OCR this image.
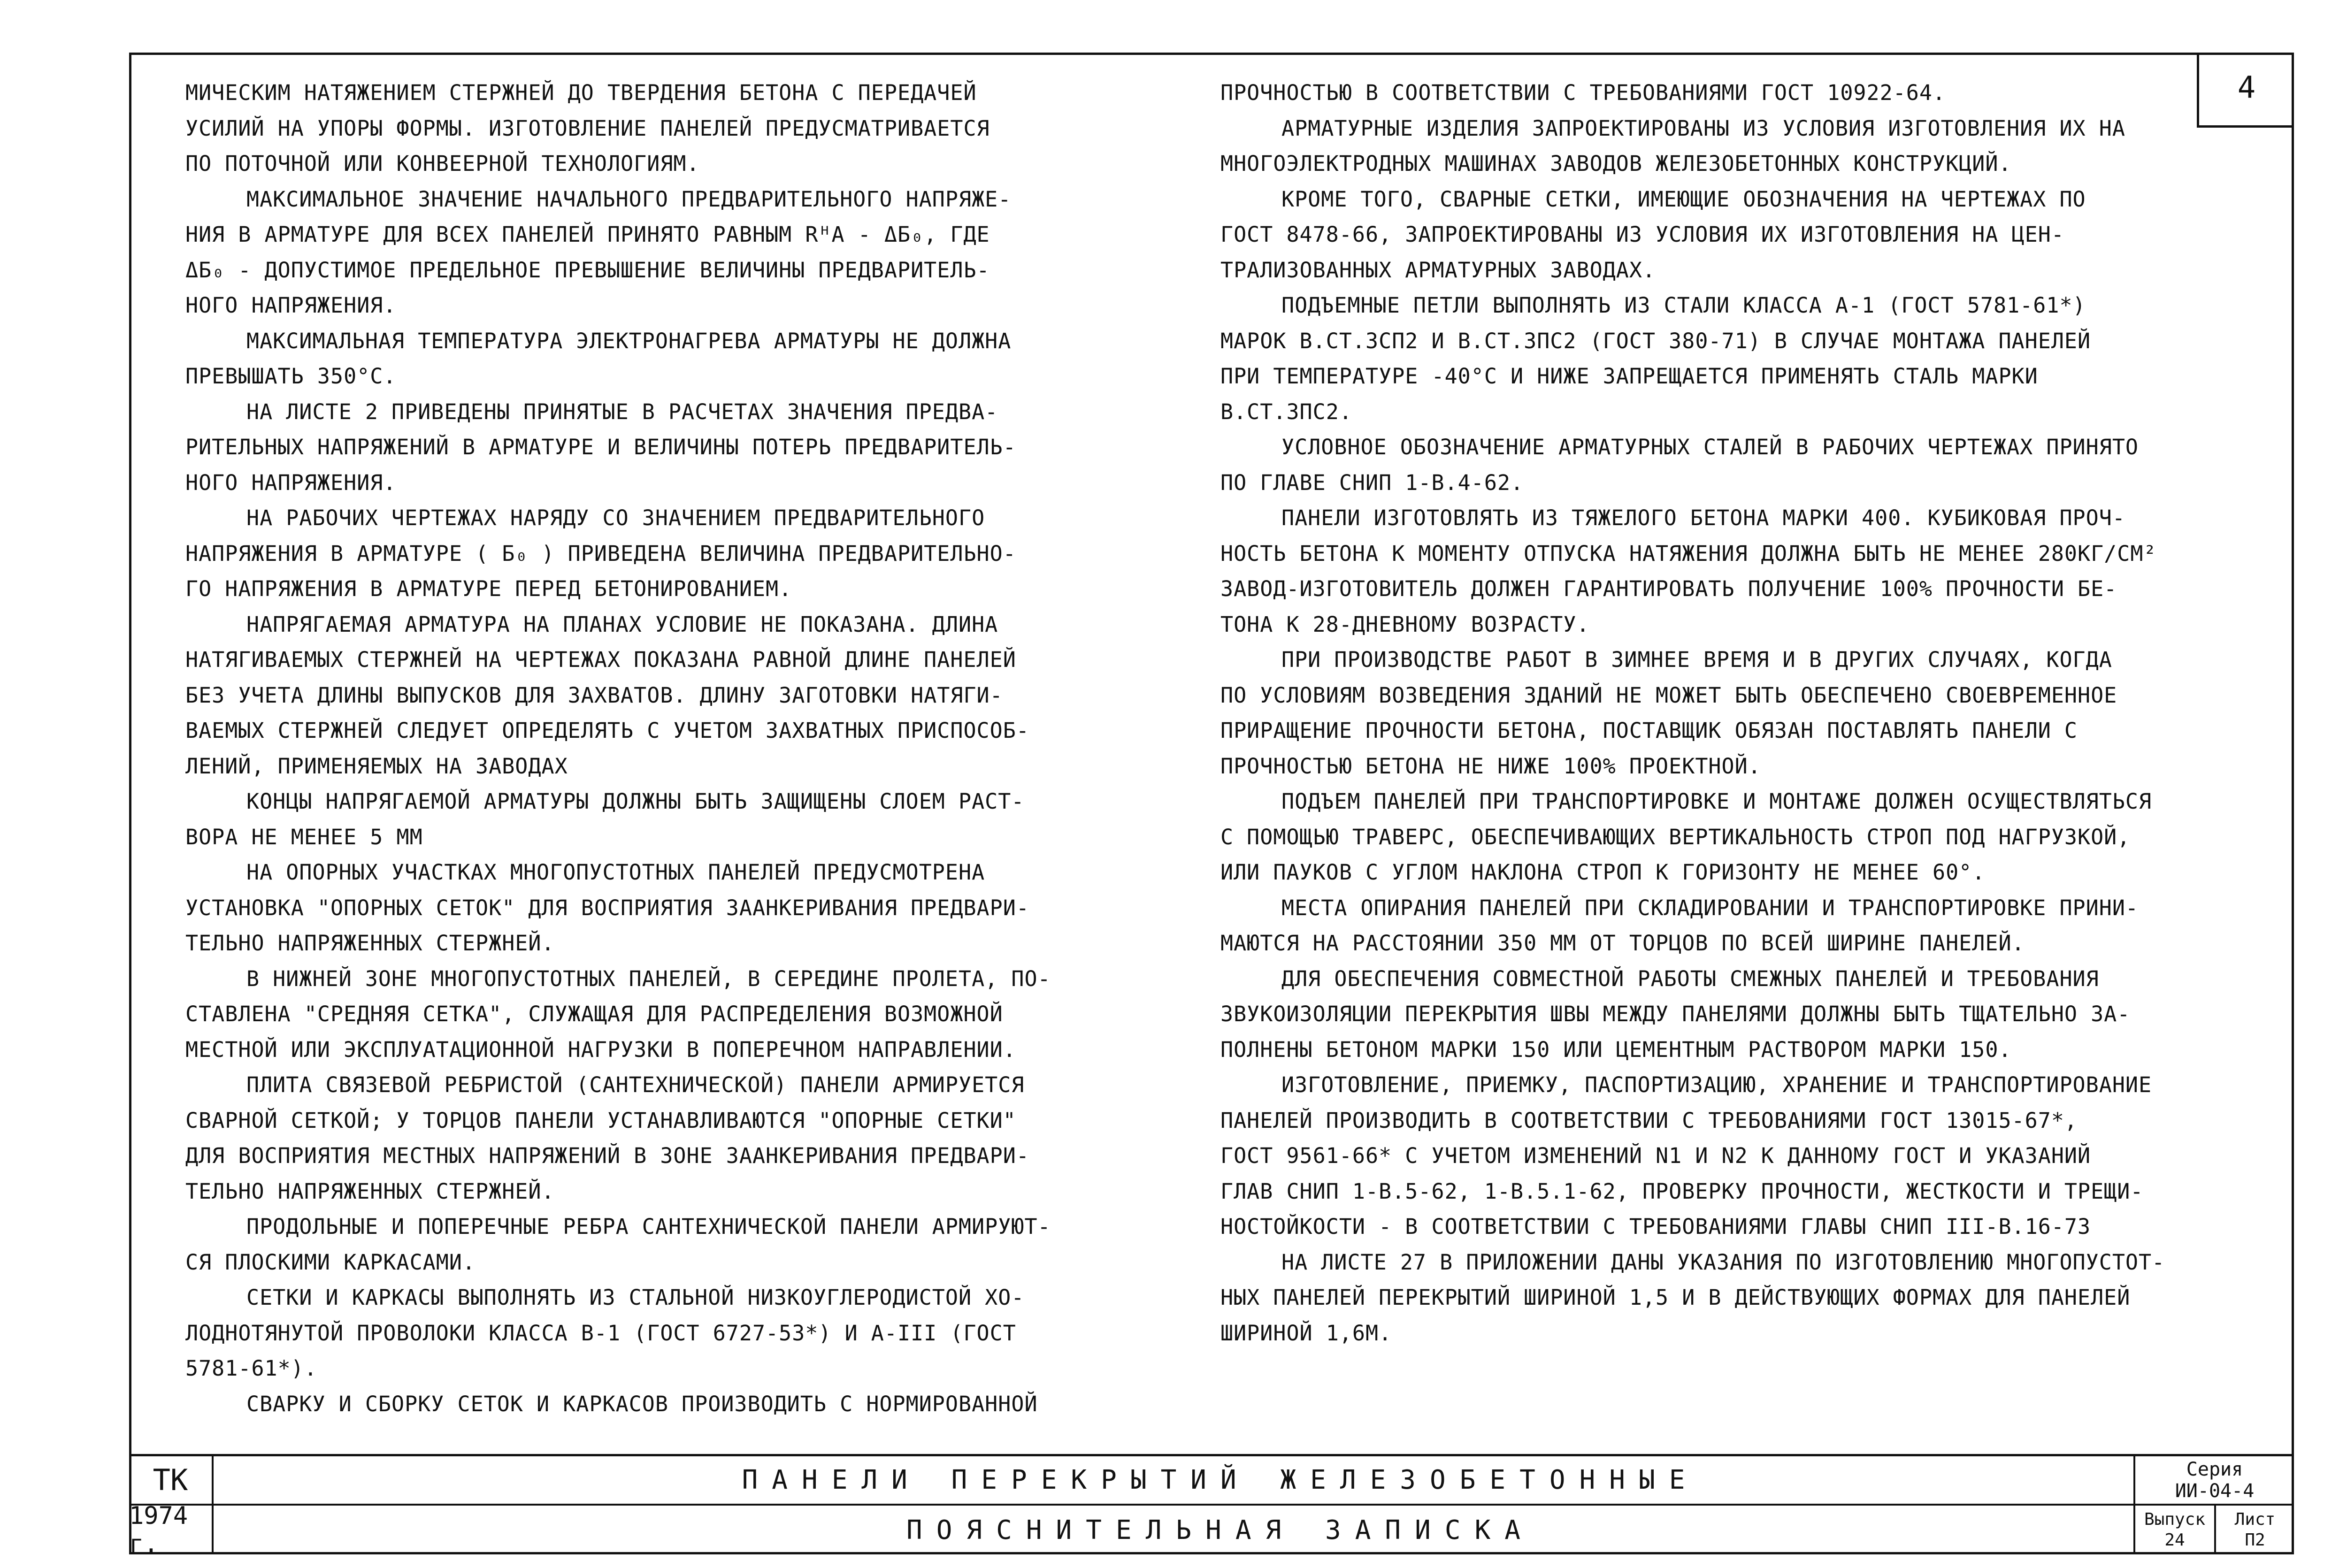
4

МИЧЕСКИМ НАТЯЖЕНИЕМ СТЕРЖНЕЙ ДО ТВЕРДЕНИЯ БЕТОНА С ПЕРЕДАЧЕЙ

УСИЛИЙ НА УПОРЫ ФОРМЫ. ИЗГОТОВЛЕНИЕ ПАНЕЛЕЙ ПРЕДУСМАТРИВАЕТСЯ

ПО ПОТОЧНОЙ ИЛИ КОНВЕЕРНОЙ ТЕХНОЛОГИЯМ.

МАКСИМАЛЬНОЕ ЗНАЧЕНИЕ НАЧАЛЬНОГО ПРЕДВАРИТЕЛЬНОГО НАПРЯЖЕ-

НИЯ В АРМАТУРЕ ДЛЯ ВСЕХ ПАНЕЛЕЙ ПРИНЯТО РАВНЫМ RᴴA - ΔБ₀, ГДЕ

ΔБ₀ - ДОПУСТИМОЕ ПРЕДЕЛЬНОЕ ПРЕВЫШЕНИЕ ВЕЛИЧИНЫ ПРЕДВАРИТЕЛЬ-

НОГО НАПРЯЖЕНИЯ.

МАКСИМАЛЬНАЯ ТЕМПЕРАТУРА ЭЛЕКТРОНАГРЕВА АРМАТУРЫ НЕ ДОЛЖНА

ПРЕВЫШАТЬ 350°С.

НА ЛИСТЕ 2 ПРИВЕДЕНЫ ПРИНЯТЫЕ В РАСЧЕТАХ ЗНАЧЕНИЯ ПРЕДВА-

РИТЕЛЬНЫХ НАПРЯЖЕНИЙ В АРМАТУРЕ И ВЕЛИЧИНЫ ПОТЕРЬ ПРЕДВАРИТЕЛЬ-

НОГО НАПРЯЖЕНИЯ.

НА РАБОЧИХ ЧЕРТЕЖАХ НАРЯДУ СО ЗНАЧЕНИЕМ ПРЕДВАРИТЕЛЬНОГО

НАПРЯЖЕНИЯ В АРМАТУРЕ ( Б₀ ) ПРИВЕДЕНА ВЕЛИЧИНА ПРЕДВАРИТЕЛЬНО-

ГО НАПРЯЖЕНИЯ В АРМАТУРЕ ПЕРЕД БЕТОНИРОВАНИЕМ.

НАПРЯГАЕМАЯ АРМАТУРА НА ПЛАНАХ УСЛОВИЕ НЕ ПОКАЗАНА. ДЛИНА

НАТЯГИВАЕМЫХ СТЕРЖНЕЙ НА ЧЕРТЕЖАХ ПОКАЗАНА РАВНОЙ ДЛИНЕ ПАНЕЛЕЙ

БЕЗ УЧЕТА ДЛИНЫ ВЫПУСКОВ ДЛЯ ЗАХВАТОВ. ДЛИНУ ЗАГОТОВКИ НАТЯГИ-

ВАЕМЫХ СТЕРЖНЕЙ СЛЕДУЕТ ОПРЕДЕЛЯТЬ С УЧЕТОМ ЗАХВАТНЫХ ПРИСПОСОБ-

ЛЕНИЙ, ПРИМЕНЯЕМЫХ НА ЗАВОДАХ

КОНЦЫ НАПРЯГАЕМОЙ АРМАТУРЫ ДОЛЖНЫ БЫТЬ ЗАЩИЩЕНЫ СЛОЕМ РАСТ-

ВОРА НЕ МЕНЕЕ 5 ММ

НА ОПОРНЫХ УЧАСТКАХ МНОГОПУСТОТНЫХ ПАНЕЛЕЙ ПРЕДУСМОТРЕНА

УСТАНОВКА "ОПОРНЫХ СЕТОК" ДЛЯ ВОСПРИЯТИЯ ЗААНКЕРИВАНИЯ ПРЕДВАРИ-

ТЕЛЬНО НАПРЯЖЕННЫХ СТЕРЖНЕЙ.

В НИЖНЕЙ ЗОНЕ МНОГОПУСТОТНЫХ ПАНЕЛЕЙ, В СЕРЕДИНЕ ПРОЛЕТА, ПО-

СТАВЛЕНА "СРЕДНЯЯ СЕТКА", СЛУЖАЩАЯ ДЛЯ РАСПРЕДЕЛЕНИЯ ВОЗМОЖНОЙ

МЕСТНОЙ ИЛИ ЭКСПЛУАТАЦИОННОЙ НАГРУЗКИ В ПОПЕРЕЧНОМ НАПРАВЛЕНИИ.

ПЛИТА СВЯЗЕВОЙ РЕБРИСТОЙ (САНТЕХНИЧЕСКОЙ) ПАНЕЛИ АРМИРУЕТСЯ

СВАРНОЙ СЕТКОЙ; У ТОРЦОВ ПАНЕЛИ УСТАНАВЛИВАЮТСЯ "ОПОРНЫЕ СЕТКИ"

ДЛЯ ВОСПРИЯТИЯ МЕСТНЫХ НАПРЯЖЕНИЙ В ЗОНЕ ЗААНКЕРИВАНИЯ ПРЕДВАРИ-

ТЕЛЬНО НАПРЯЖЕННЫХ СТЕРЖНЕЙ.

ПРОДОЛЬНЫЕ И ПОПЕРЕЧНЫЕ РЕБРА САНТЕХНИЧЕСКОЙ ПАНЕЛИ АРМИРУЮТ-

СЯ ПЛОСКИМИ КАРКАСАМИ.

СЕТКИ И КАРКАСЫ ВЫПОЛНЯТЬ ИЗ СТАЛЬНОЙ НИЗКОУГЛЕРОДИСТОЙ ХО-

ЛОДНОТЯНУТОЙ ПРОВОЛОКИ КЛАССА В-1 (ГОСТ 6727-53*) И А-III (ГОСТ

5781-61*).

СВАРКУ И СБОРКУ СЕТОК И КАРКАСОВ ПРОИЗВОДИТЬ С НОРМИРОВАННОЙ

ПРОЧНОСТЬЮ В СООТВЕТСТВИИ С ТРЕБОВАНИЯМИ ГОСТ 10922-64.

АРМАТУРНЫЕ ИЗДЕЛИЯ ЗАПРОЕКТИРОВАНЫ ИЗ УСЛОВИЯ ИЗГОТОВЛЕНИЯ ИХ НА

МНОГОЭЛЕКТРОДНЫХ МАШИНАХ ЗАВОДОВ ЖЕЛЕЗОБЕТОННЫХ КОНСТРУКЦИЙ.

КРОМЕ ТОГО, СВАРНЫЕ СЕТКИ, ИМЕЮЩИЕ ОБОЗНАЧЕНИЯ НА ЧЕРТЕЖАХ ПО

ГОСТ 8478-66, ЗАПРОЕКТИРОВАНЫ ИЗ УСЛОВИЯ ИХ ИЗГОТОВЛЕНИЯ НА ЦЕН-

ТРАЛИЗОВАННЫХ АРМАТУРНЫХ ЗАВОДАХ.

ПОДЪЕМНЫЕ ПЕТЛИ ВЫПОЛНЯТЬ ИЗ СТАЛИ КЛАССА А-1 (ГОСТ 5781-61*)

МАРОК В.СТ.3СП2 И В.СТ.3ПС2 (ГОСТ 380-71) В СЛУЧАЕ МОНТАЖА ПАНЕЛЕЙ

ПРИ ТЕМПЕРАТУРЕ -40°С И НИЖЕ ЗАПРЕЩАЕТСЯ ПРИМЕНЯТЬ СТАЛЬ МАРКИ

В.СТ.3ПС2.

УСЛОВНОЕ ОБОЗНАЧЕНИЕ АРМАТУРНЫХ СТАЛЕЙ В РАБОЧИХ ЧЕРТЕЖАХ ПРИНЯТО

ПО ГЛАВЕ СНИП 1-В.4-62.

ПАНЕЛИ ИЗГОТОВЛЯТЬ ИЗ ТЯЖЕЛОГО БЕТОНА МАРКИ 400. КУБИКОВАЯ ПРОЧ-

НОСТЬ БЕТОНА К МОМЕНТУ ОТПУСКА НАТЯЖЕНИЯ ДОЛЖНА БЫТЬ НЕ МЕНЕЕ 280КГ/СМ²

ЗАВОД-ИЗГОТОВИТЕЛЬ ДОЛЖЕН ГАРАНТИРОВАТЬ ПОЛУЧЕНИЕ 100% ПРОЧНОСТИ БЕ-

ТОНА К 28-ДНЕВНОМУ ВОЗРАСТУ.

ПРИ ПРОИЗВОДСТВЕ РАБОТ В ЗИМНЕЕ ВРЕМЯ И В ДРУГИХ СЛУЧАЯХ, КОГДА

ПО УСЛОВИЯМ ВОЗВЕДЕНИЯ ЗДАНИЙ НЕ МОЖЕТ БЫТЬ ОБЕСПЕЧЕНО СВОЕВРЕМЕННОЕ

ПРИРАЩЕНИЕ ПРОЧНОСТИ БЕТОНА, ПОСТАВЩИК ОБЯЗАН ПОСТАВЛЯТЬ ПАНЕЛИ С

ПРОЧНОСТЬЮ БЕТОНА НЕ НИЖЕ 100% ПРОЕКТНОЙ.

ПОДЪЕМ ПАНЕЛЕЙ ПРИ ТРАНСПОРТИРОВКЕ И МОНТАЖЕ ДОЛЖЕН ОСУЩЕСТВЛЯТЬСЯ

С ПОМОЩЬЮ ТРАВЕРС, ОБЕСПЕЧИВАЮЩИХ ВЕРТИКАЛЬНОСТЬ СТРОП ПОД НАГРУЗКОЙ,

ИЛИ ПАУКОВ С УГЛОМ НАКЛОНА СТРОП К ГОРИЗОНТУ НЕ МЕНЕЕ 60°.

МЕСТА ОПИРАНИЯ ПАНЕЛЕЙ ПРИ СКЛАДИРОВАНИИ И ТРАНСПОРТИРОВКЕ ПРИНИ-

МАЮТСЯ НА РАССТОЯНИИ 350 ММ ОТ ТОРЦОВ ПО ВСЕЙ ШИРИНЕ ПАНЕЛЕЙ.

ДЛЯ ОБЕСПЕЧЕНИЯ СОВМЕСТНОЙ РАБОТЫ СМЕЖНЫХ ПАНЕЛЕЙ И ТРЕБОВАНИЯ

ЗВУКОИЗОЛЯЦИИ ПЕРЕКРЫТИЯ ШВЫ МЕЖДУ ПАНЕЛЯМИ ДОЛЖНЫ БЫТЬ ТЩАТЕЛЬНО ЗА-

ПОЛНЕНЫ БЕТОНОМ МАРКИ 150 ИЛИ ЦЕМЕНТНЫМ РАСТВОРОМ МАРКИ 150.

ИЗГОТОВЛЕНИЕ, ПРИЕМКУ, ПАСПОРТИЗАЦИЮ, ХРАНЕНИЕ И ТРАНСПОРТИРОВАНИЕ

ПАНЕЛЕЙ ПРОИЗВОДИТЬ В СООТВЕТСТВИИ С ТРЕБОВАНИЯМИ ГОСТ 13015-67*,

ГОСТ 9561-66* С УЧЕТОМ ИЗМЕНЕНИЙ N1 И N2 К ДАННОМУ ГОСТ И УКАЗАНИЙ

ГЛАВ СНИП 1-В.5-62, 1-В.5.1-62, ПРОВЕРКУ ПРОЧНОСТИ, ЖЕСТКОСТИ И ТРЕЩИ-

НОСТОЙКОСТИ - В СООТВЕТСТВИИ С ТРЕБОВАНИЯМИ ГЛАВЫ СНИП III-В.16-73

НА ЛИСТЕ 27 В ПРИЛОЖЕНИИ ДАНЫ УКАЗАНИЯ ПО ИЗГОТОВЛЕНИЮ МНОГОПУСТОТ-

НЫХ ПАНЕЛЕЙ ПЕРЕКРЫТИЙ ШИРИНОЙ 1,5 И В ДЕЙСТВУЮЩИХ ФОРМАХ ДЛЯ ПАНЕЛЕЙ

ШИРИНОЙ 1,6М.

ТК	ПАНЕЛИ ПЕРЕКРЫТИЙ ЖЕЛЕЗОБЕТОННЫЕ	Серия
ИИ-04-4
1974 г.	ПОЯСНИТЕЛЬНАЯ ЗАПИСКА	Выпуск
24
Лист
П2
